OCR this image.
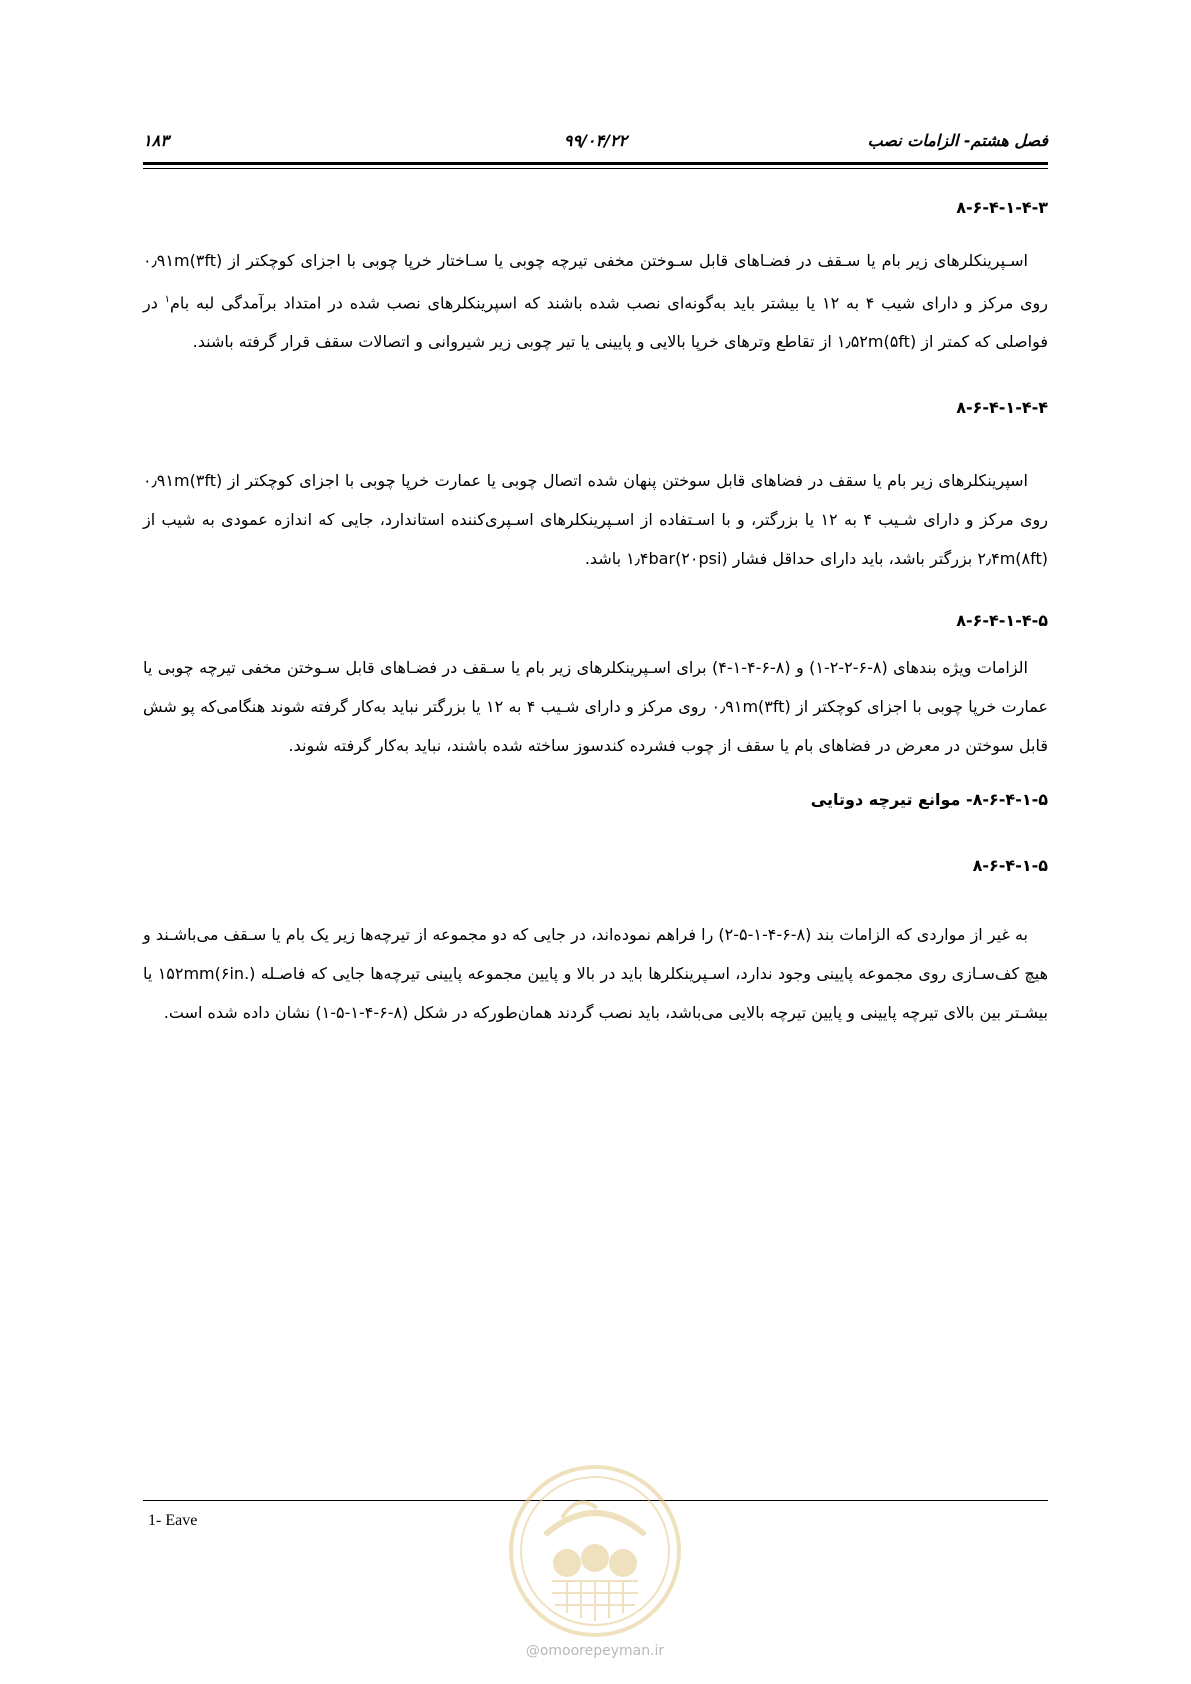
فصل هشتم- الزامات نصب
۹۹/۰۴/۲۲
۱۸۳

۸-۶-۴-۱-۴-۳

اسـپرینکلرهای زیر بام یا سـقف در فضـاهای قابل سـوختن مخفی تیرچه چوبی یا سـاختار خرپا چوبی با اجزای کوچکتر از ۰٫۹۱m(۳ft) روی مرکز و دارای شیب ۴ به ۱۲ یا بیشتر باید به‌گونه‌ای نصب شده باشند که اسپرینکلرهای نصب شده در امتداد برآمدگی لبه بام$^۱$ در فواصلی که کمتر از ۱٫۵۲m(۵ft) از تقاطع وترهای خرپا بالایی و پایینی یا تیر چوبی زیر شیروانی و اتصالات سقف قرار گرفته باشند.

۸-۶-۴-۱-۴-۴

اسپرینکلرهای زیر بام یا سقف در فضاهای قابل سوختن پنهان شده اتصال چوبی یا عمارت خرپا چوبی با اجزای کوچکتر از ۰٫۹۱m(۳ft) روی مرکز و دارای شـیب ۴ به ۱۲ یا بزرگتر، و با اسـتفاده از اسـپرینکلرهای اسـپری‌کننده استاندارد، جایی که اندازه عمودی به شیب از ۲٫۴m(۸ft) بزرگتر باشد، باید دارای حداقل فشار ۱٫۴bar(۲۰psi) باشد.

۸-۶-۴-۱-۴-۵

الزامات ویژه بندهای (۸-۶-۲-۲-۱) و (۸-۶-۴-۱-۴) برای اسـپرینکلرهای زیر بام یا سـقف در فضـاهای قابل سـوختن مخفی تیرچه چوبی یا عمارت خرپا چوبی با اجزای کوچکتر از ۰٫۹۱m(۳ft) روی مرکز و دارای شـیب ۴ به ۱۲ یا بزرگتر نباید به‌کار گرفته شوند هنگامی‌که پو شش قابل سوختن در معرض در فضاهای بام یا سقف از چوب فشرده کندسوز ساخته شده باشند، نباید به‌کار گرفته شوند.

۸-۶-۴-۱-۵- موانع تیرچه دوتایی

۸-۶-۴-۱-۵

به غیر از مواردی که الزامات بند (۸-۶-۴-۱-۵-۲) را فراهم نموده‌اند، در جایی که دو مجموعه از تیرچه‌ها زیر یک بام یا سـقف می‌باشـند و هیچ کف‌سـازی روی مجموعه پایینی وجود ندارد، اسـپرینکلرها باید در بالا و پایین مجموعه پایینی تیرچه‌ها جایی که فاصـله ۱۵۲mm(۶in.) یا بیشـتر بین بالای تیرچه پایینی و پایین تیرچه بالایی می‌باشد، باید نصب گردند همان‌طورکه در شکل (۸-۶-۴-۱-۵-۱) نشان داده شده است.

1- Eave
@omoorepeyman.ir
